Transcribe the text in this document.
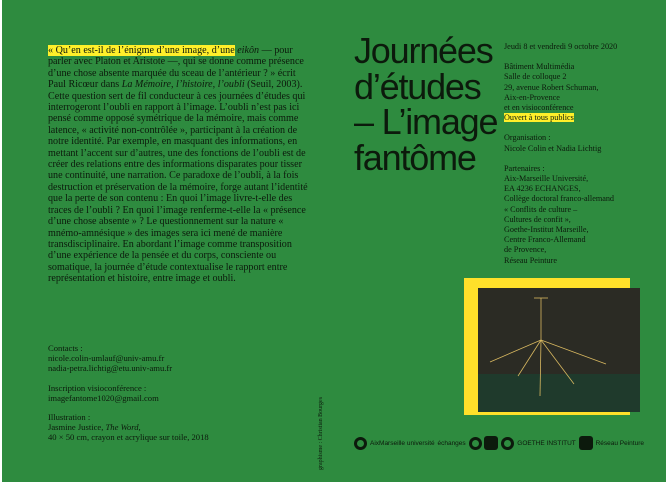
« Qu’en est-il de l’énigme d’une image, d’une eikôn — pour parler avec Platon et Aristote —, qui se donne comme présence d’une chose absente marquée du sceau de l’antérieur ? » écrit Paul Ricœur dans La Mémoire, l’histoire, l’oubli (Seuil, 2003). Cette question sert de fil conducteur à ces journées d’études qui interrogeront l’oubli en rapport à l’image. L’oubli n’est pas ici pensé comme opposé symétrique de la mémoire, mais comme latence, « activité non-contrôlée », participant à la création de notre identité. Par exemple, en masquant des informations, en mettant l’accent sur d’autres, une des fonctions de l’oubli est de créer des relations entre des informations disparates pour tisser une continuité, une narration. Ce paradoxe de l’oubli, à la fois destruction et préservation de la mémoire, forge autant l’identité que la perte de son contenu : En quoi l’image livre-t-elle des traces de l’oubli ? En quoi l’image renferme-t-elle la « présence d’une chose absente » ? Le questionnement sur la nature « mnémo-amnésique » des images sera ici mené de manière transdisciplinaire. En abordant l’image comme transposition d’une expérience de la pensée et du corps, consciente ou somatique, la journée d’étude contextualise le rapport entre représentation et histoire, entre image et oubli.

Contacts :
nicole.colin-umlauf@univ-amu.fr
nadia-petra.lichtig@etu.univ-amu.fr
Inscription visioconférence :
imagefantome1020@gmail.com
Illustration :
Jasmine Justice, The Word,
40 × 50 cm, crayon et acrylique sur toile, 2018	graphisme : Christian Bourges
Journées
d’études
– L’image
fantôme
Jeudi 8 et vendredi 9 octobre 2020
Bâtiment Multimédia
Salle de colloque 2
29, avenue Robert Schuman,
Aix-en-Provence
et en visioconférence
Ouvert à tous publics
Organisation :
Nicole Colin et Nadia Lichtig
Partenaires :
Aix-Marseille Université,
EA 4236 ECHANGES,
Collège doctoral franco-allemand
« Conflits de culture –
Cultures de confit »,
Goethe-Institut Marseille,
Centre Franco-Allemand
de Provence,
Réseau Peinture
AixMarseille université échanges	GOETHE INSTITUT	Réseau Peinture
